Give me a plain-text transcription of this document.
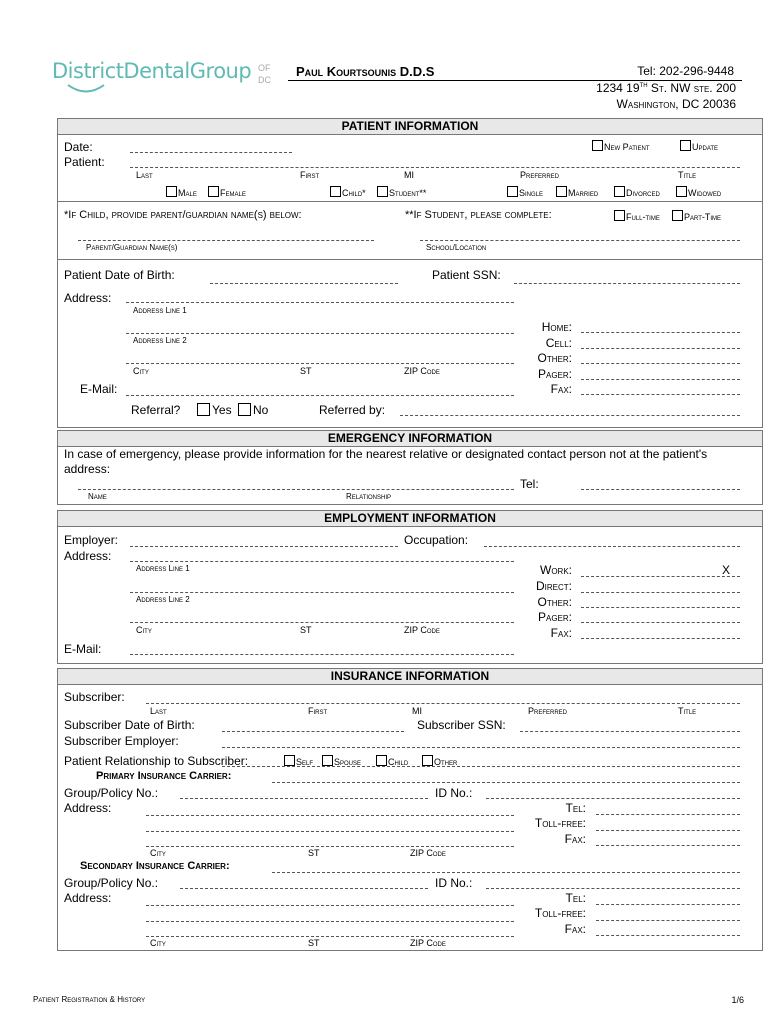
DistrictDentalGroup OF
DC
Paul Kourtsounis D.D.S	Tel: 202-296-9448
1234 19TH St. NW ste. 200
Washington, DC 20036
PATIENT INFORMATION
Date:	New Patient	Update
Patient:
Last	First	MI	Preferred	Title
Male	Female	Child*	Student**	Single	Married	Divorced	Widowed
*If Child, provide parent/guardian name(s) below:	**If Student, please complete:	Full-time	Part-Time
Parent/Guardian Name(s)	School/Location
Patient Date of Birth:	Patient SSN:
Address:
Address Line 1
Address Line 2
City	ST	ZIP Code
Home:
Cell:
Other:
Pager:
Fax:
E-Mail:
Referral?	Yes	No	Referred by:
EMERGENCY INFORMATION
In case of emergency, please provide information for the nearest relative or designated contact person not at the patient's
address:
Tel:
Name	Relationship
EMPLOYMENT INFORMATION
Employer:	Occupation:
Address:
Address Line 1
Address Line 2
City	ST	ZIP Code
Work:	X
Direct:
Other:
Pager:
Fax:
E-Mail:
INSURANCE INFORMATION
Subscriber:
Last	First	MI	Preferred	Title
Subscriber Date of Birth:	Subscriber SSN:
Subscriber Employer:
Patient Relationship to Subscriber:	Self	Spouse	Child	Other
Primary Insurance Carrier:
Group/Policy No.:	ID No.:
Address:	Tel:
Toll-free:
Fax:
City	ST	ZIP Code
Secondary Insurance Carrier:
Group/Policy No.:	ID No.:
Address:	Tel:
Toll-free:
Fax:
City	ST	ZIP Code
Patient Registration & History	1/6
